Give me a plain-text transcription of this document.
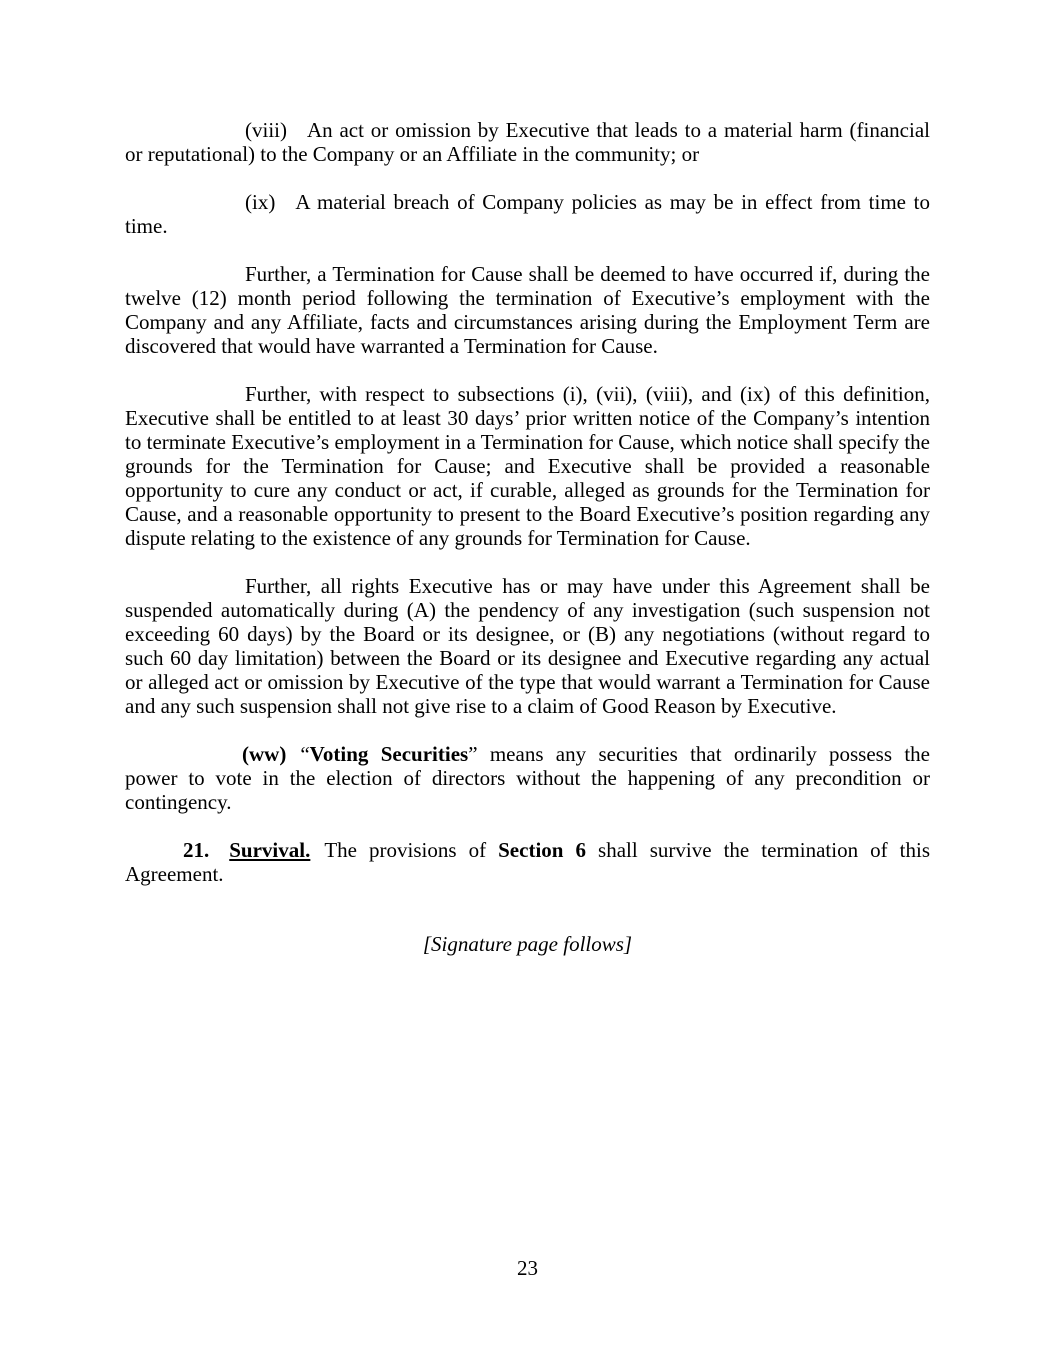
(viii) An act or omission by Executive that leads to a material harm (financial or reputational) to the Company or an Affiliate in the community; or

(ix) A material breach of Company policies as may be in effect from time to time.

Further, a Termination for Cause shall be deemed to have occurred if, during the twelve (12) month period following the termination of Executive’s employment with the Company and any Affiliate, facts and circumstances arising during the Employment Term are discovered that would have warranted a Termination for Cause.

Further, with respect to subsections (i), (vii), (viii), and (ix) of this definition, Executive shall be entitled to at least 30 days’ prior written notice of the Company’s intention to terminate Executive’s employment in a Termination for Cause, which notice shall specify the grounds for the Termination for Cause; and Executive shall be provided a reasonable opportunity to cure any conduct or act, if curable, alleged as grounds for the Termination for Cause, and a reasonable opportunity to present to the Board Executive’s position regarding any dispute relating to the existence of any grounds for Termination for Cause.

Further, all rights Executive has or may have under this Agreement shall be suspended automatically during (A) the pendency of any investigation (such suspension not exceeding 60 days) by the Board or its designee, or (B) any negotiations (without regard to such 60 day limitation) between the Board or its designee and Executive regarding any actual or alleged act or omission by Executive of the type that would warrant a Termination for Cause and any such suspension shall not give rise to a claim of Good Reason by Executive.

(ww) “Voting Securities” means any securities that ordinarily possess the power to vote in the election of directors without the happening of any precondition or contingency.

21. Survival. The provisions of Section 6 shall survive the termination of this Agreement.

[Signature page follows]
23
